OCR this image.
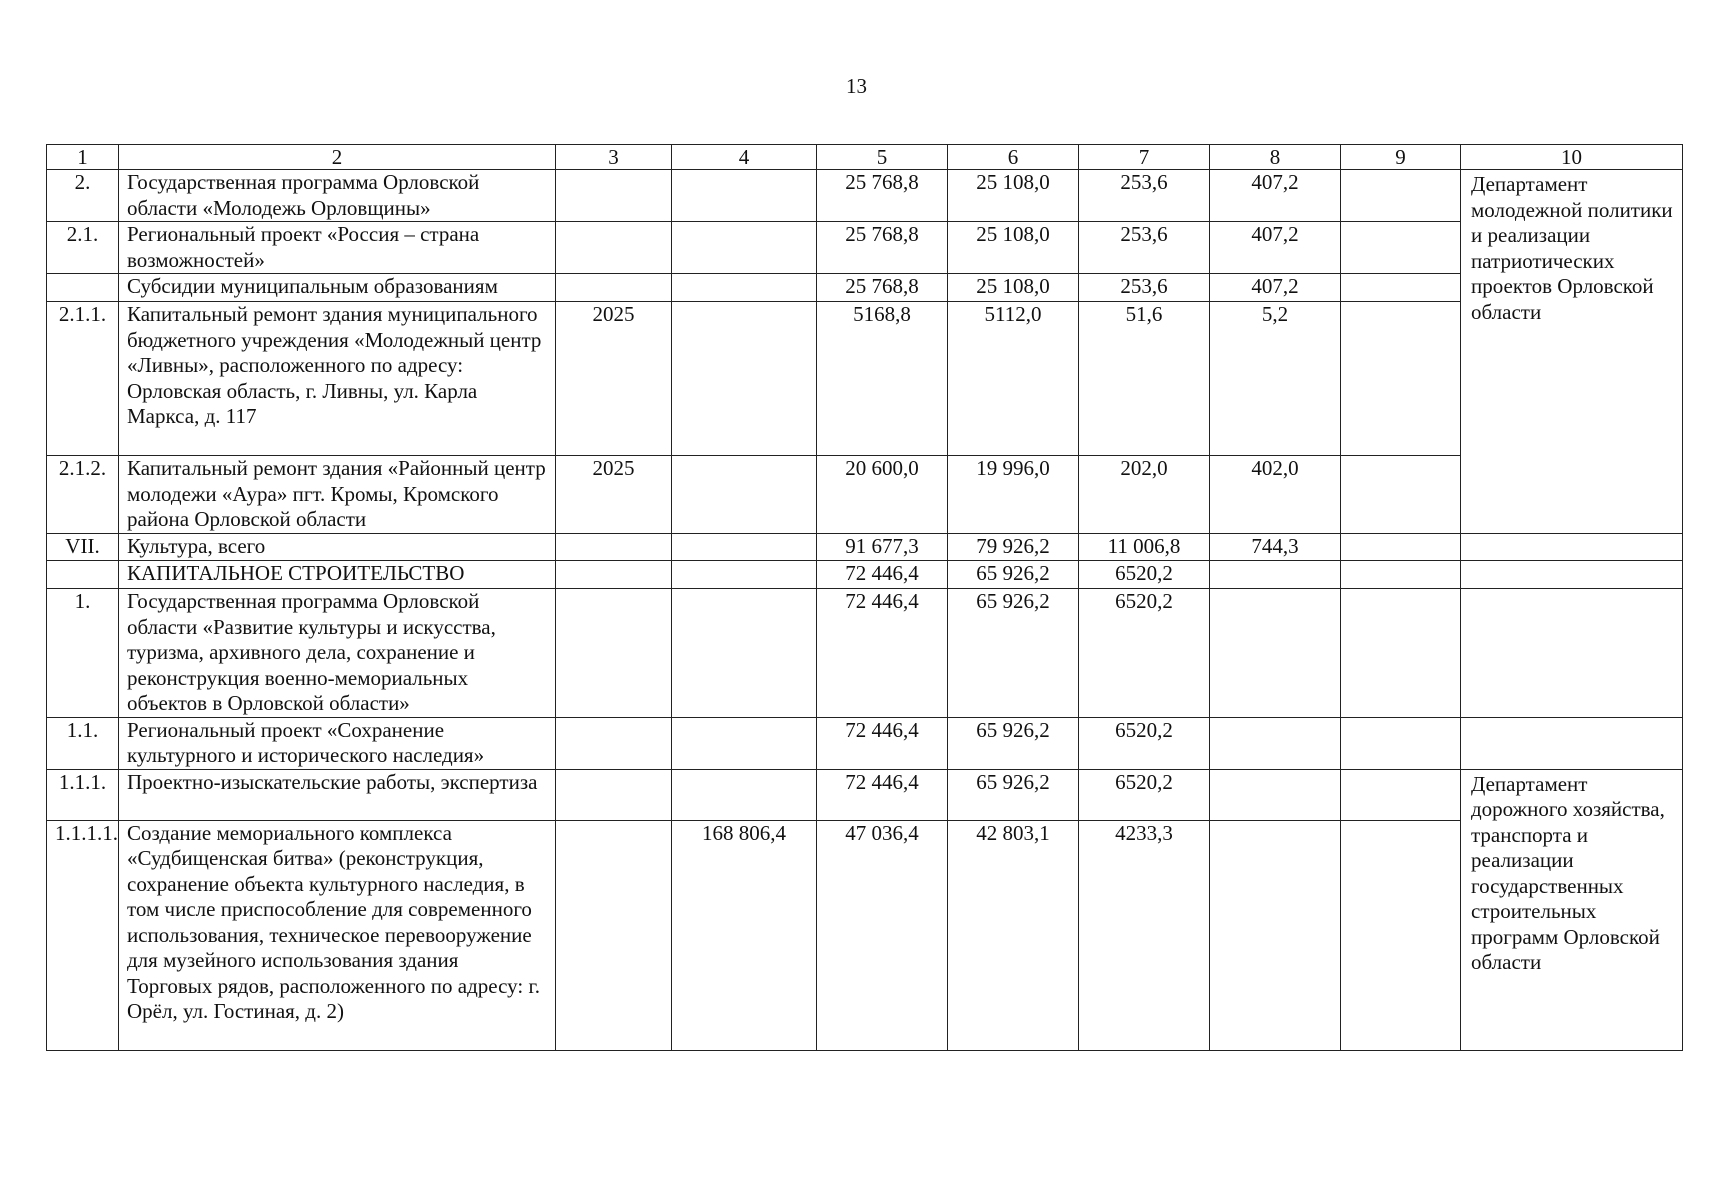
13
1	2	3	4	5	6	7	8	9	10
2.	Государственная программа Орловской области «Молодежь Орловщины»			25 768,8	25 108,0	253,6	407,2		Департамент молодежной политики и реализации патриотических проектов Орловской области
2.1.	Региональный проект «Россия – страна возможностей»			25 768,8	25 108,0	253,6	407,2		
	Субсидии муниципальным образованиям			25 768,8	25 108,0	253,6	407,2		
2.1.1.	Капитальный ремонт здания муниципального бюджетного учреждения «Молодежный центр «Ливны», расположенного по адресу: Орловская область, г. Ливны, ул. Карла Маркса, д. 117	2025		5168,8	5112,0	51,6	5,2		
2.1.2.	Капитальный ремонт здания «Районный центр молодежи «Аура» пгт. Кромы, Кромского района Орловской области	2025		20 600,0	19 996,0	202,0	402,0		
VII.	Культура, всего			91 677,3	79 926,2	11 006,8	744,3		
	КАПИТАЛЬНОЕ СТРОИТЕЛЬСТВО			72 446,4	65 926,2	6520,2			
1.	Государственная программа Орловской области «Развитие культуры и искусства, туризма, архивного дела, сохранение и реконструкция военно-мемориальных объектов в Орловской области»			72 446,4	65 926,2	6520,2			
1.1.	Региональный проект «Сохранение культурного и исторического наследия»			72 446,4	65 926,2	6520,2			
1.1.1.	Проектно-изыскательские работы, экспертиза			72 446,4	65 926,2	6520,2			Департамент дорожного хозяйства, транспорта и реализации государственных строительных программ Орловской области
1.1.1.1.	Создание мемориального комплекса «Судбищенская битва» (реконструкция, сохранение объекта культурного наследия, в том числе приспособление для современного использования, техническое перевооружение для музейного использования здания Торговых рядов, расположенного по адресу: г. Орёл, ул. Гостиная, д. 2)		168 806,4	47 036,4	42 803,1	4233,3			
